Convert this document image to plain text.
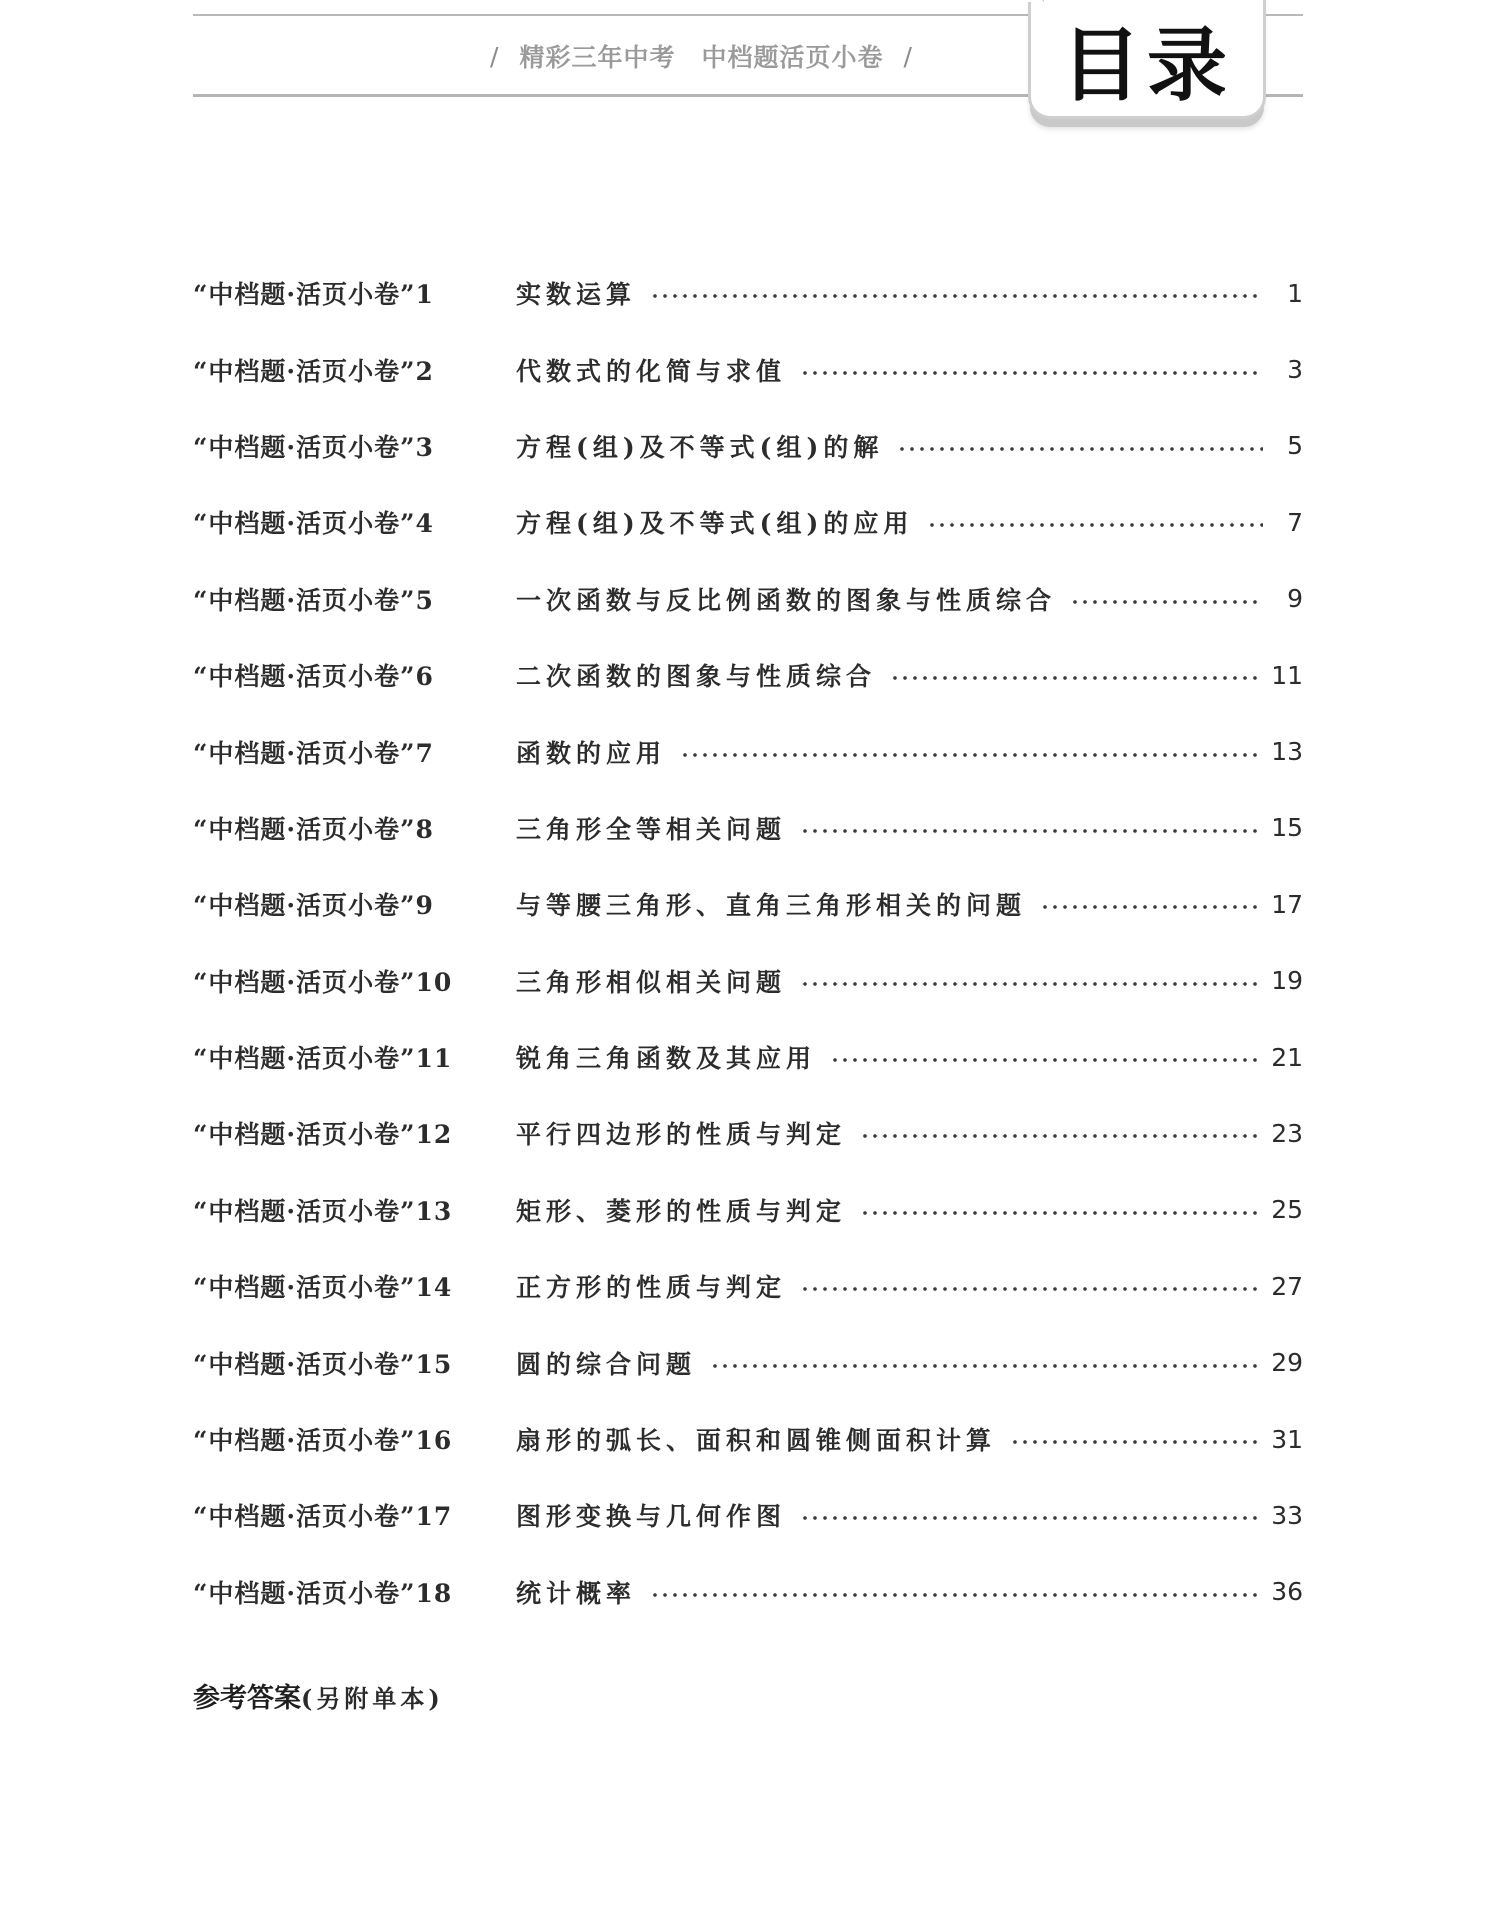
/ 精彩三年中考 中档题活页小卷 / 目录
“中档题·活页小卷”1	实数运算	1
“中档题·活页小卷”2	代数式的化简与求值	3
“中档题·活页小卷”3	方程(组)及不等式(组)的解	5
“中档题·活页小卷”4	方程(组)及不等式(组)的应用	7
“中档题·活页小卷”5	一次函数与反比例函数的图象与性质综合	9
“中档题·活页小卷”6	二次函数的图象与性质综合	11
“中档题·活页小卷”7	函数的应用	13
“中档题·活页小卷”8	三角形全等相关问题	15
“中档题·活页小卷”9	与等腰三角形、直角三角形相关的问题	17
“中档题·活页小卷”10	三角形相似相关问题	19
“中档题·活页小卷”11	锐角三角函数及其应用	21
“中档题·活页小卷”12	平行四边形的性质与判定	23
“中档题·活页小卷”13	矩形、菱形的性质与判定	25
“中档题·活页小卷”14	正方形的性质与判定	27
“中档题·活页小卷”15	圆的综合问题	29
“中档题·活页小卷”16	扇形的弧长、面积和圆锥侧面积计算	31
“中档题·活页小卷”17	图形变换与几何作图	33
“中档题·活页小卷”18	统计概率	36
参考答案(另附单本)
